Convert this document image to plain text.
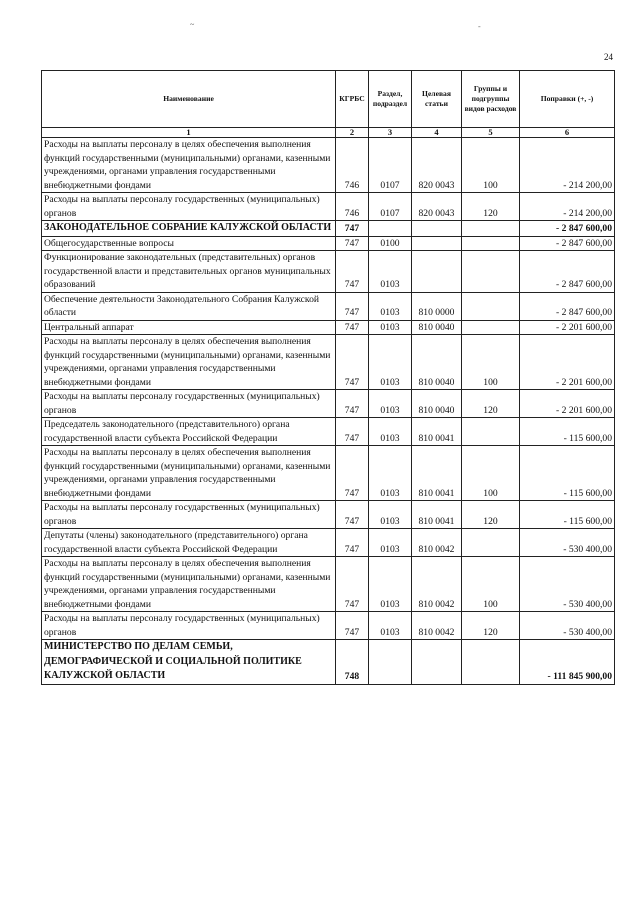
~	-
24
Наименование	КГРБС	Раздел, подраздел	Целевая статьи	Группы и подгруппы видов расходов	Поправки (+, -)
1	2	3	4	5	6
Расходы на выплаты персоналу в целях обеспечения выполнения функций государственными (муниципальными) органами, казенными учреждениями, органами управления государственными внебюджетными фондами	746	0107	820 0043	100	- 214 200,00
Расходы на выплаты персоналу государственных (муниципальных) органов	746	0107	820 0043	120	- 214 200,00
ЗАКОНОДАТЕЛЬНОЕ СОБРАНИЕ КАЛУЖСКОЙ ОБЛАСТИ	747				- 2 847 600,00
Общегосударственные вопросы	747	0100			- 2 847 600,00
Функционирование законодательных (представительных) органов государственной власти и представительных органов муниципальных образований	747	0103			- 2 847 600,00
Обеспечение деятельности Законодательного Собрания Калужской области	747	0103	810 0000		- 2 847 600,00
Центральный аппарат	747	0103	810 0040		- 2 201 600,00
Расходы на выплаты персоналу в целях обеспечения выполнения функций государственными (муниципальными) органами, казенными учреждениями, органами управления государственными внебюджетными фондами	747	0103	810 0040	100	- 2 201 600,00
Расходы на выплаты персоналу государственных (муниципальных) органов	747	0103	810 0040	120	- 2 201 600,00
Председатель законодательного (представительного) органа государственной власти субъекта Российской Федерации	747	0103	810 0041		- 115 600,00
Расходы на выплаты персоналу в целях обеспечения выполнения функций государственными (муниципальными) органами, казенными учреждениями, органами управления государственными внебюджетными фондами	747	0103	810 0041	100	- 115 600,00
Расходы на выплаты персоналу государственных (муниципальных) органов	747	0103	810 0041	120	- 115 600,00
Депутаты (члены) законодательного (представительного) органа государственной власти субъекта Российской Федерации	747	0103	810 0042		- 530 400,00
Расходы на выплаты персоналу в целях обеспечения выполнения функций государственными (муниципальными) органами, казенными учреждениями, органами управления государственными внебюджетными фондами	747	0103	810 0042	100	- 530 400,00
Расходы на выплаты персоналу государственных (муниципальных) органов	747	0103	810 0042	120	- 530 400,00
МИНИСТЕРСТВО ПО ДЕЛАМ СЕМЬИ, ДЕМОГРАФИЧЕСКОЙ И СОЦИАЛЬНОЙ ПОЛИТИКЕ КАЛУЖСКОЙ ОБЛАСТИ	748				- 111 845 900,00
